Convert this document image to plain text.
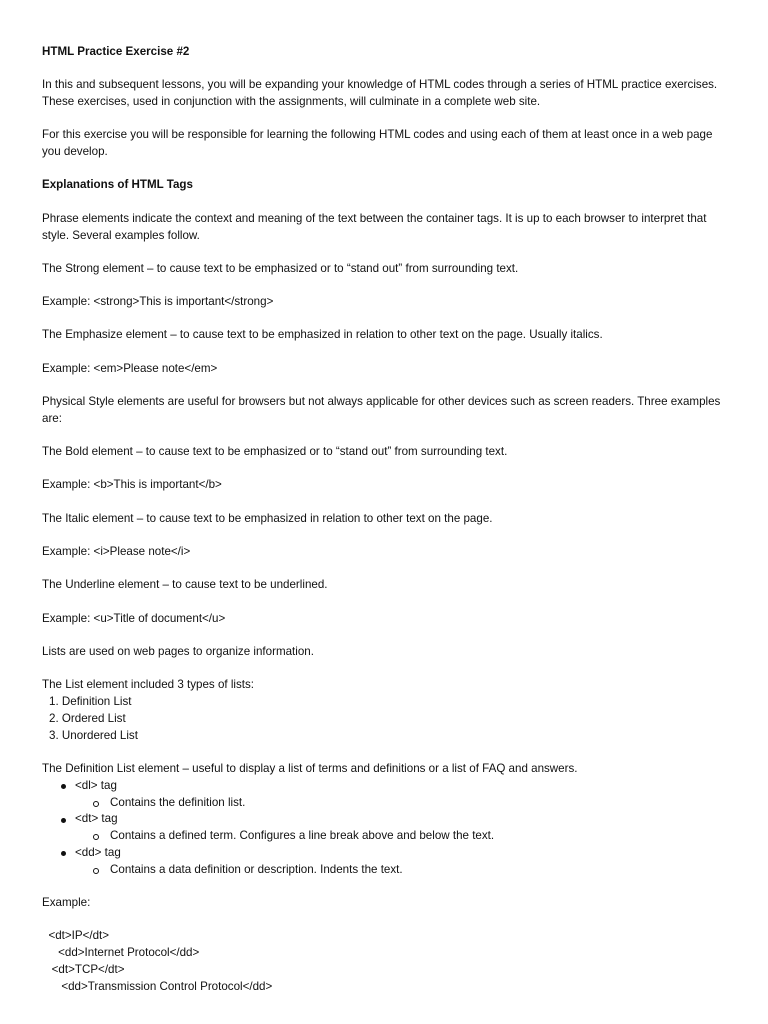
HTML Practice Exercise #2

In this and subsequent lessons, you will be expanding your knowledge of HTML codes through a series of HTML practice exercises. These exercises, used in conjunction with the assignments, will culminate in a complete web site.

For this exercise you will be responsible for learning the following HTML codes and using each of them at least once in a web page you develop.

Explanations of HTML Tags

Phrase elements indicate the context and meaning of the text between the container tags. It is up to each browser to interpret that style. Several examples follow.

The Strong element – to cause text to be emphasized or to “stand out” from surrounding text.

Example: <strong>This is important</strong>

The Emphasize element – to cause text to be emphasized in relation to other text on the page. Usually italics.

Example: <em>Please note</em>

Physical Style elements are useful for browsers but not always applicable for other devices such as screen readers. Three examples are:

The Bold element – to cause text to be emphasized or to “stand out” from surrounding text.

Example: <b>This is important</b>

The Italic element – to cause text to be emphasized in relation to other text on the page.

Example: <i>Please note</i>

The Underline element – to cause text to be underlined.

Example: <u>Title of document</u>

Lists are used on web pages to organize information.

The List element included 3 types of lists:
1. Definition List
2. Ordered List
3. Unordered List
The Definition List element – useful to display a list of terms and definitions or a list of FAQ and answers.
<dl> tag
Contains the definition list.
<dt> tag
Contains a defined term. Configures a line break above and below the text.
<dd> tag
Contains a data definition or description. Indents the text.

Example:

<dt>IP</dt>
<dd>Internet Protocol</dd>
<dt>TCP</dt>
<dd>Transmission Control Protocol</dd>
